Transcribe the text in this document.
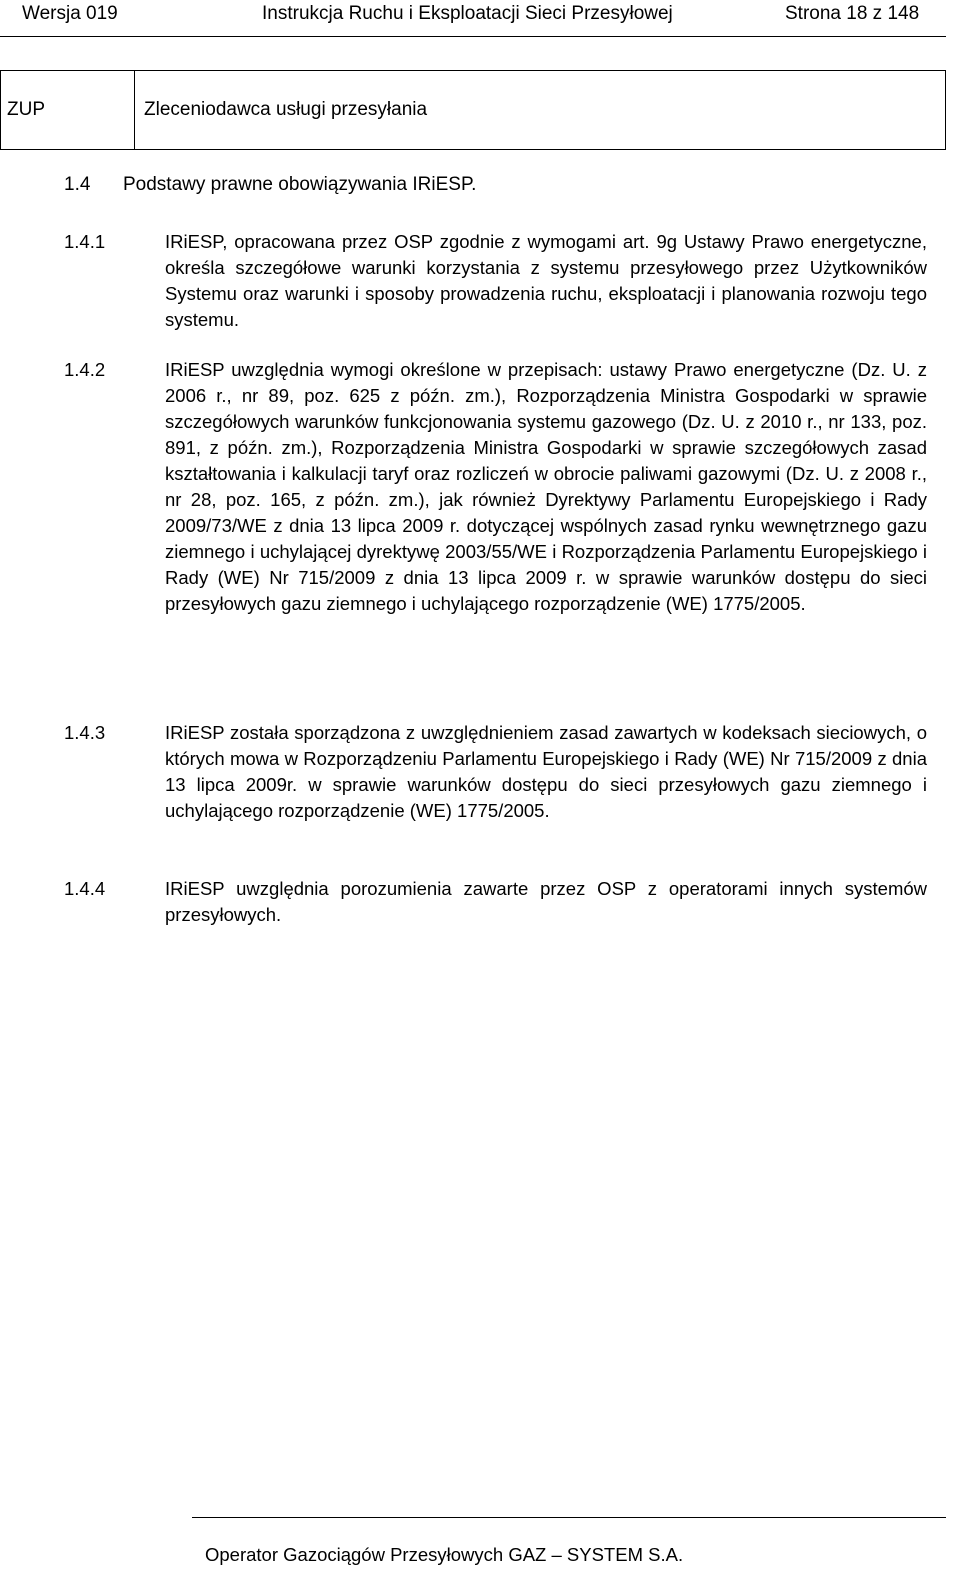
Wersja 019	Instrukcja Ruchu i Eksploatacji Sieci Przesyłowej	Strona 18 z 148
ZUP	Zleceniodawca usługi przesyłania
1.4 Podstawy prawne obowiązywania IRiESP.
1.4.1	IRiESP, opracowana przez OSP zgodnie z wymogami art. 9g Ustawy Prawo energetyczne, określa szczegółowe warunki korzystania z systemu przesyłowego przez Użytkowników Systemu oraz warunki i sposoby prowadzenia ruchu, eksploatacji i planowania rozwoju tego systemu.
1.4.2	IRiESP uwzględnia wymogi określone w przepisach: ustawy Prawo energetyczne (Dz. U. z 2006 r., nr 89, poz. 625 z późn. zm.), Rozporządzenia Ministra Gospodarki w sprawie szczegółowych warunków funkcjonowania systemu gazowego (Dz. U. z 2010 r., nr 133, poz. 891, z późn. zm.), Rozporządzenia Ministra Gospodarki w sprawie szczegółowych zasad kształtowania i kalkulacji taryf oraz rozliczeń w obrocie paliwami gazowymi (Dz. U. z 2008 r., nr 28, poz. 165, z późn. zm.), jak również Dyrektywy Parlamentu Europejskiego i Rady 2009/73/WE z dnia 13 lipca 2009 r. dotyczącej wspólnych zasad rynku wewnętrznego gazu ziemnego i uchylającej dyrektywę 2003/55/WE i Rozporządzenia Parlamentu Europejskiego i Rady (WE) Nr 715/2009 z dnia 13 lipca 2009 r. w sprawie warunków dostępu do sieci przesyłowych gazu ziemnego i uchylającego rozporządzenie (WE) 1775/2005.
1.4.3	IRiESP została sporządzona z uwzględnieniem zasad zawartych w kodeksach sieciowych, o których mowa w Rozporządzeniu Parlamentu Europejskiego i Rady (WE) Nr 715/2009 z dnia 13 lipca 2009r. w sprawie warunków dostępu do sieci przesyłowych gazu ziemnego i uchylającego rozporządzenie (WE) 1775/2005.
1.4.4	IRiESP uwzględnia porozumienia zawarte przez OSP z operatorami innych systemów przesyłowych.
Operator Gazociągów Przesyłowych GAZ – SYSTEM S.A.
